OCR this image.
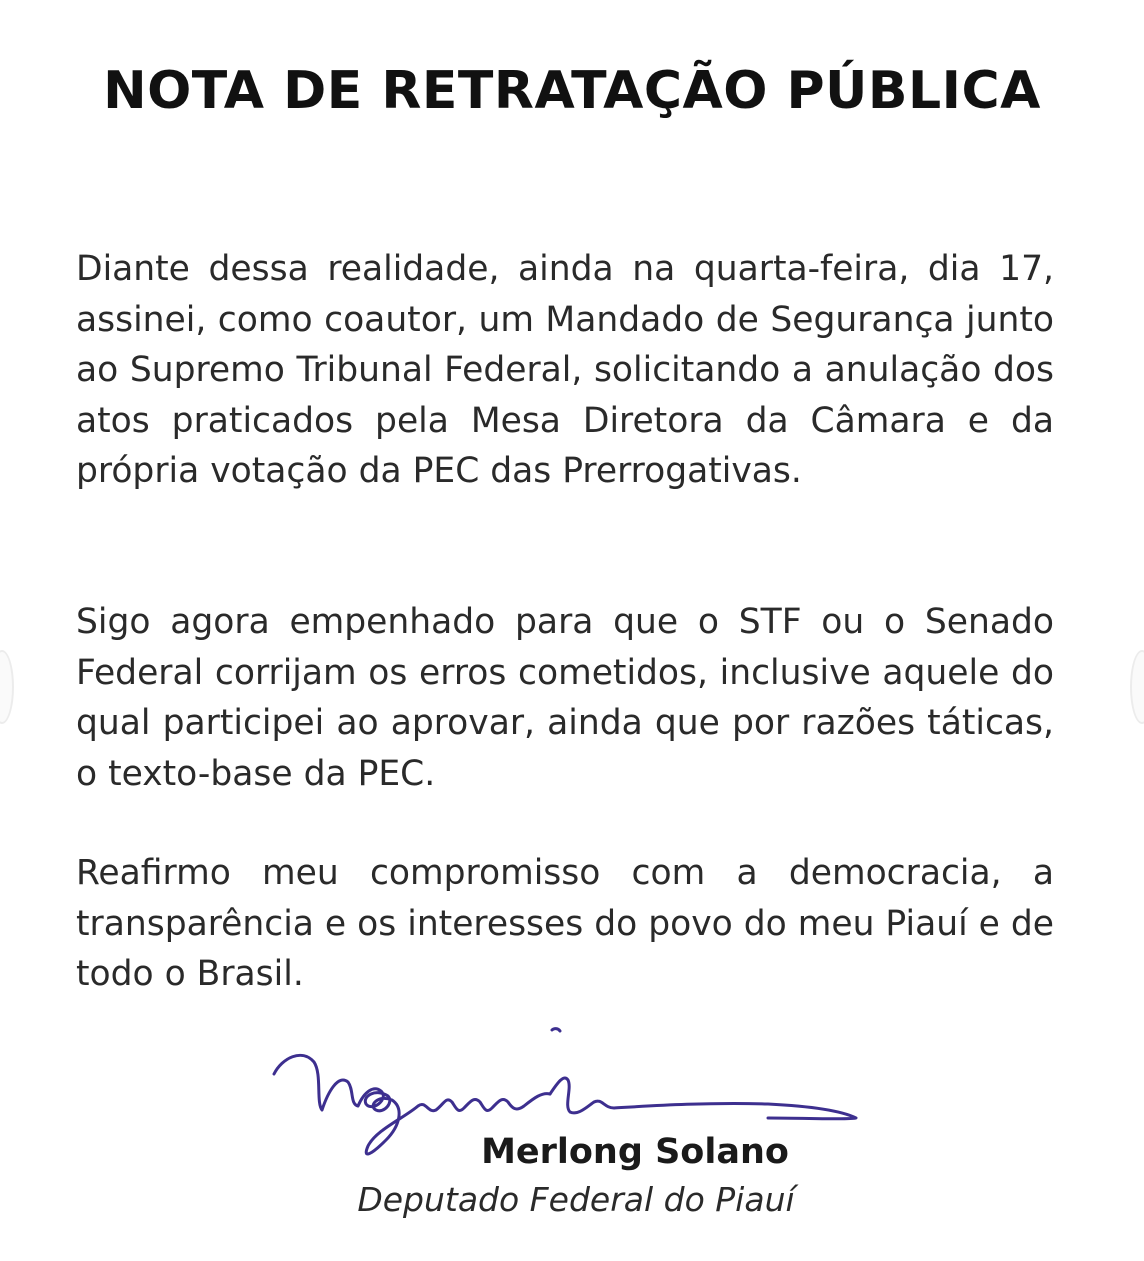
NOTA DE RETRATAÇÃO PÚBLICA

Diante dessa realidade, ainda na quarta-feira, dia 17, assinei, como coautor, um Mandado de Segurança junto ao Supremo Tribunal Federal, solicitando a anulação dos atos praticados pela Mesa Diretora da Câmara e da própria votação da PEC das Prerrogativas.

Sigo agora empenhado para que o STF ou o Senado Federal corrijam os erros cometidos, inclusive aquele do qual participei ao aprovar, ainda que por razões táticas, o texto-base da PEC.

Reafirmo meu compromisso com a democracia, a transparência e os interesses do povo do meu Piauí e de todo o Brasil.

Merlong Solano
Deputado Federal do Piauí
